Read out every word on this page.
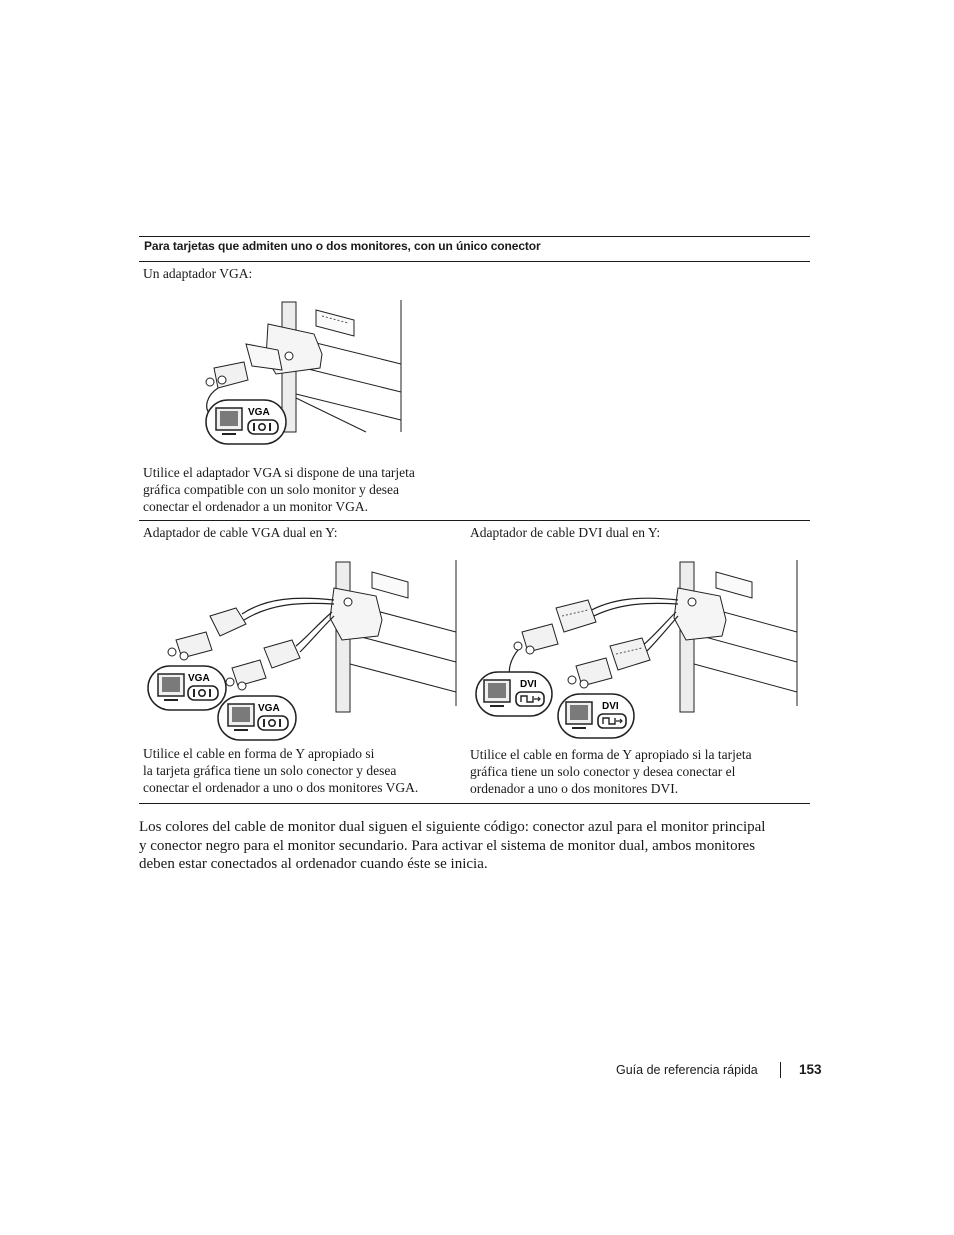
Para tarjetas que admiten uno o dos monitores, con un único conector
Un adaptador VGA:
VGA
Utilice el adaptador VGA si dispone de una tarjeta
gráfica compatible con un solo monitor y desea
conectar el ordenador a un monitor VGA.
Adaptador de cable VGA dual en Y:
VGA
VGA
Utilice el cable en forma de Y apropiado si
la tarjeta gráfica tiene un solo conector y desea
conectar el ordenador a uno o dos monitores VGA.
Adaptador de cable DVI dual en Y:
DVI
DVI
Utilice el cable en forma de Y apropiado si la tarjeta
gráfica tiene un solo conector y desea conectar el
ordenador a uno o dos monitores DVI.
Los colores del cable de monitor dual siguen el siguiente código: conector azul para el monitor principal
y conector negro para el monitor secundario. Para activar el sistema de monitor dual, ambos monitores
deben estar conectados al ordenador cuando éste se inicia.
Guía de referencia rápida	153
